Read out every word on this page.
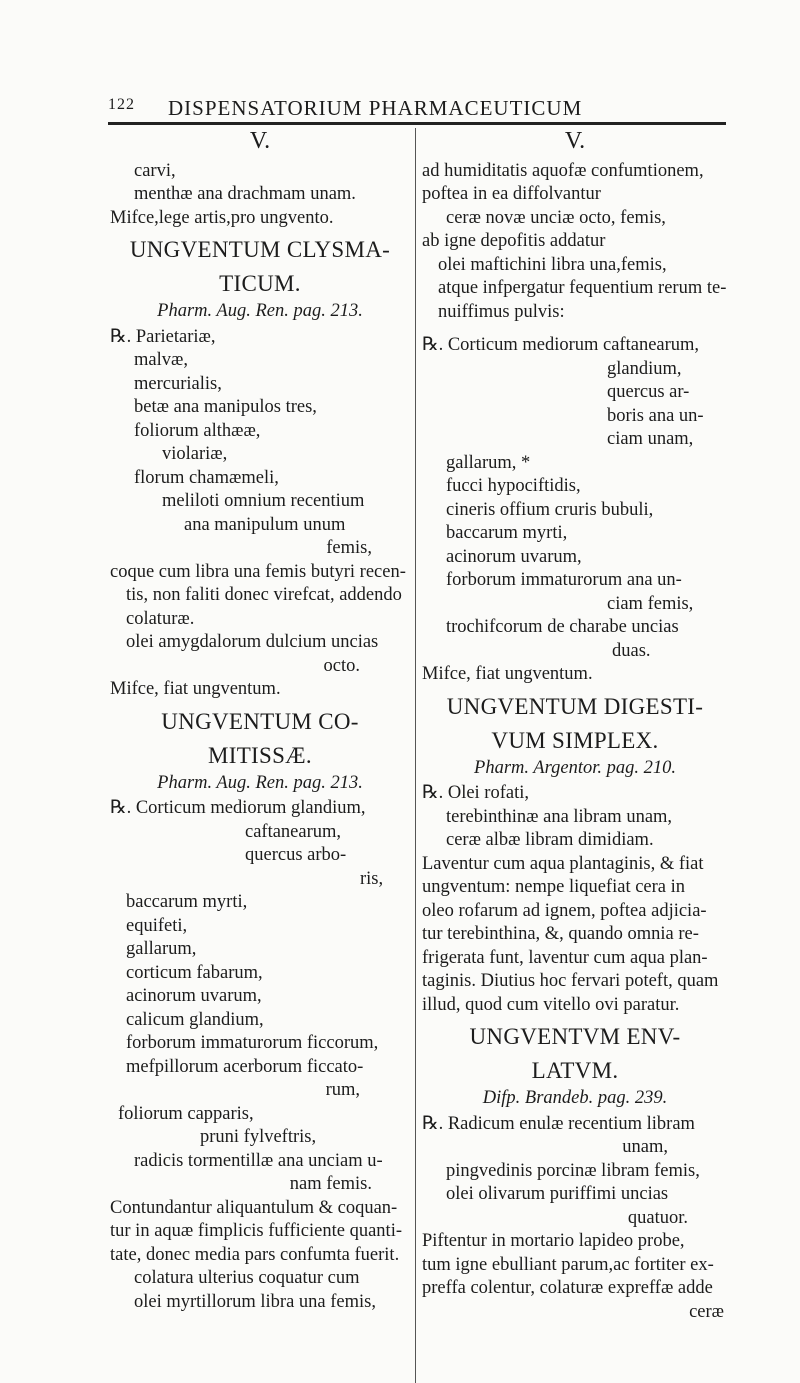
122 DISPENSATORIUM PHARMACEUTICUM
V.
carvi,
menthæ ana drachmam unam.
Mifce,lege artis,pro ungvento.
UNGVENTUM CLYSMA-
TICUM.
Pharm. Aug. Ren. pag. 213.
℞. Parietariæ,
malvæ,
mercurialis,
betæ ana manipulos tres,
foliorum althææ,
violariæ,
florum chamæmeli,
meliloti omnium recentium
ana manipulum unum
femis,
coque cum libra una femis butyri recen-
tis, non faliti donec virefcat, addendo
colaturæ.
olei amygdalorum dulcium uncias
octo.
Mifce, fiat ungventum.
UNGVENTUM CO-
MITISSÆ.
Pharm. Aug. Ren. pag. 213.
℞. Corticum mediorum glandium,
caftanearum,
quercus arbo-
ris,
baccarum myrti,
equifeti,
gallarum,
corticum fabarum,
acinorum uvarum,
calicum glandium,
forborum immaturorum ficcorum,
mefpillorum acerborum ficcato-
rum,
foliorum capparis,
pruni fylveftris,
radicis tormentillæ ana unciam u-
nam femis.
Contundantur aliquantulum & coquan-
tur in aquæ fimplicis fufficiente quanti-
tate, donec media pars confumta fuerit.
colatura ulterius coquatur cum
olei myrtillorum libra una femis,
V.
ad humiditatis aquofæ confumtionem,
poftea in ea diffolvantur
ceræ novæ unciæ octo, femis,
ab igne depofitis addatur
olei maftichini libra una,femis,
atque infpergatur fequentium rerum te-
nuiffimus pulvis:
℞. Corticum mediorum caftanearum,
glandium,
quercus ar-
boris ana un-
ciam unam,
gallarum, *
fucci hypociftidis,
cineris offium cruris bubuli,
baccarum myrti,
acinorum uvarum,
forborum immaturorum ana un-
ciam femis,
trochifcorum de charabe uncias
duas.
Mifce, fiat ungventum.
UNGVENTUM DIGESTI-
VUM SIMPLEX.
Pharm. Argentor. pag. 210.
℞. Olei rofati,
terebinthinæ ana libram unam,
ceræ albæ libram dimidiam.
Laventur cum aqua plantaginis, & fiat
ungventum: nempe liquefiat cera in
oleo rofarum ad ignem, poftea adjicia-
tur terebinthina, &, quando omnia re-
frigerata funt, laventur cum aqua plan-
taginis. Diutius hoc fervari poteft, quam
illud, quod cum vitello ovi paratur.
UNGVENTVM ENV-
LATVM.
Difp. Brandeb. pag. 239.
℞. Radicum enulæ recentium libram
unam,
pingvedinis porcinæ libram femis,
olei olivarum puriffimi uncias
quatuor.
Piftentur in mortario lapideo probe,
tum igne ebulliant parum,ac fortiter ex-
preffa colentur, colaturæ expreffæ adde
ceræ
